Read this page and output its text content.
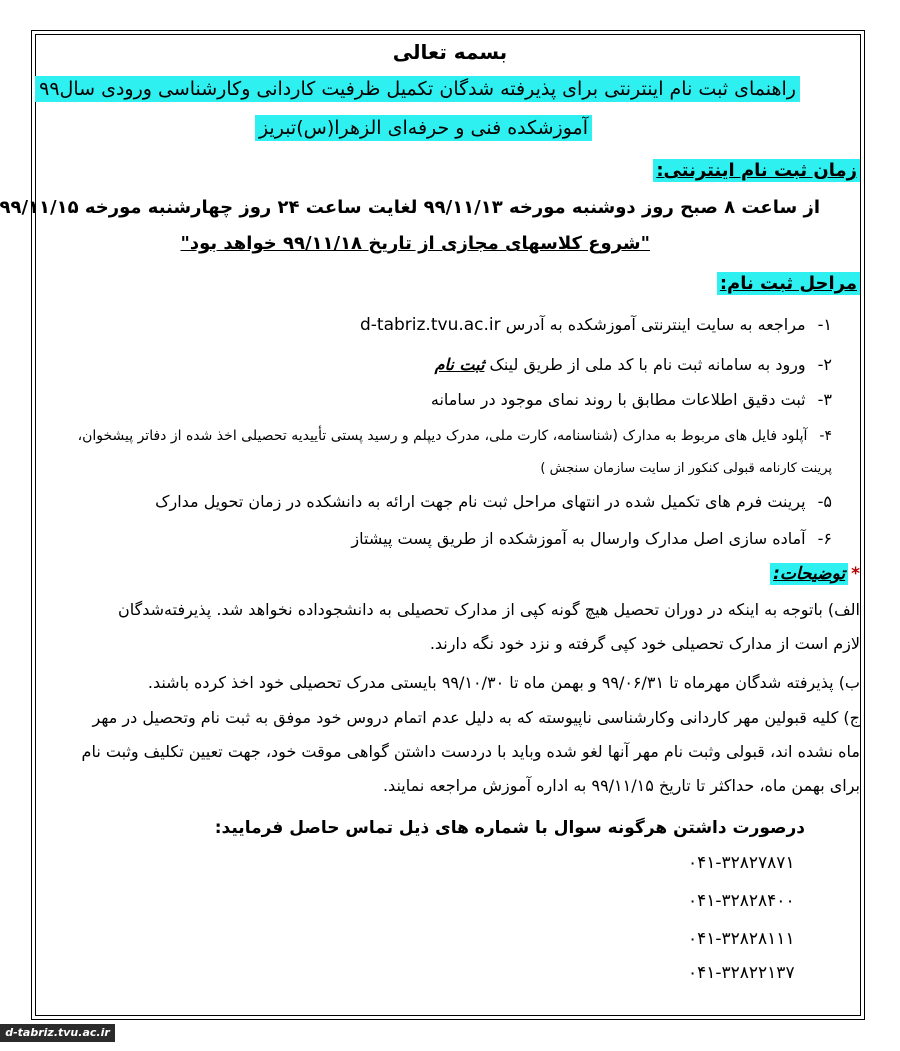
بسمه تعالی
راهنمای ثبت نام اینترنتی برای پذیرفته شدگان تکمیل ظرفیت کاردانی وکارشناسی ورودی سال۹۹
آموزشکده فنی و حرفه‌ای الزهرا(س)تبریز
زمان ثبت نام اینترنتی:
از ساعت ۸ صبح روز دوشنبه مورخه ۹۹/۱۱/۱۳ لغایت ساعت ۲۴ روز چهارشنبه مورخه ۹۹/۱۱/۱۵
"شروع کلاسهای مجازی از تاریخ ۹۹/۱۱/۱۸ خواهد بود"
مراحل ثبت نام:
۱-مراجعه به سایت اینترنتی آموزشکده به آدرس d-tabriz.tvu.ac.ir
۲-ورود به سامانه ثبت نام با کد ملی از طریق لینک ثبت نام
۳-ثبت دقیق اطلاعات مطابق با روند نمای موجود در سامانه
۴-آپلود فایل های مربوط به مدارک (شناسنامه، کارت ملی، مدرک دیپلم و رسید پستی تأییدیه تحصیلی اخذ شده از دفاتر پیشخوان،
پرینت کارنامه قبولی کنکور از سایت سازمان سنجش )
۵-پرینت فرم های تکمیل شده در انتهای مراحل ثبت نام جهت ارائه به دانشکده در زمان تحویل مدارک
۶-آماده سازی اصل مدارک وارسال به آموزشکده از طریق پست پیشتاز
*توضیحات:
الف) باتوجه به اینکه در دوران تحصیل هیچ گونه کپی از مدارک تحصیلی به دانشجوداده نخواهد شد. پذیرفته‌شدگان
لازم است از مدارک تحصیلی خود کپی گرفته و نزد خود نگه دارند.
ب) پذیرفته شدگان مهرماه تا ۹۹/۰۶/۳۱ و بهمن ماه تا ۹۹/۱۰/۳۰ بایستی مدرک تحصیلی خود اخذ کرده باشند.
ج) کلیه قبولین مهر کاردانی وکارشناسی ناپیوسته که به دلیل عدم اتمام دروس خود موفق به ثبت نام وتحصیل در مهر
ماه نشده اند، قبولی وثبت نام مهر آنها لغو شده وباید با دردست داشتن گواهی موقت خود، جهت تعیین تکلیف وثبت نام
برای بهمن ماه، حداکثر تا تاریخ ۹۹/۱۱/۱۵ به اداره آموزش مراجعه نمایند.
درصورت داشتن هرگونه سوال با شماره های ذیل تماس حاصل فرمایید:
۰۴۱-۳۲۸۲۷۸۷۱
۰۴۱-۳۲۸۲۸۴۰۰
۰۴۱-۳۲۸۲۸۱۱۱
۰۴۱-۳۲۸۲۲۱۳۷
d-tabriz.tvu.ac.ir
